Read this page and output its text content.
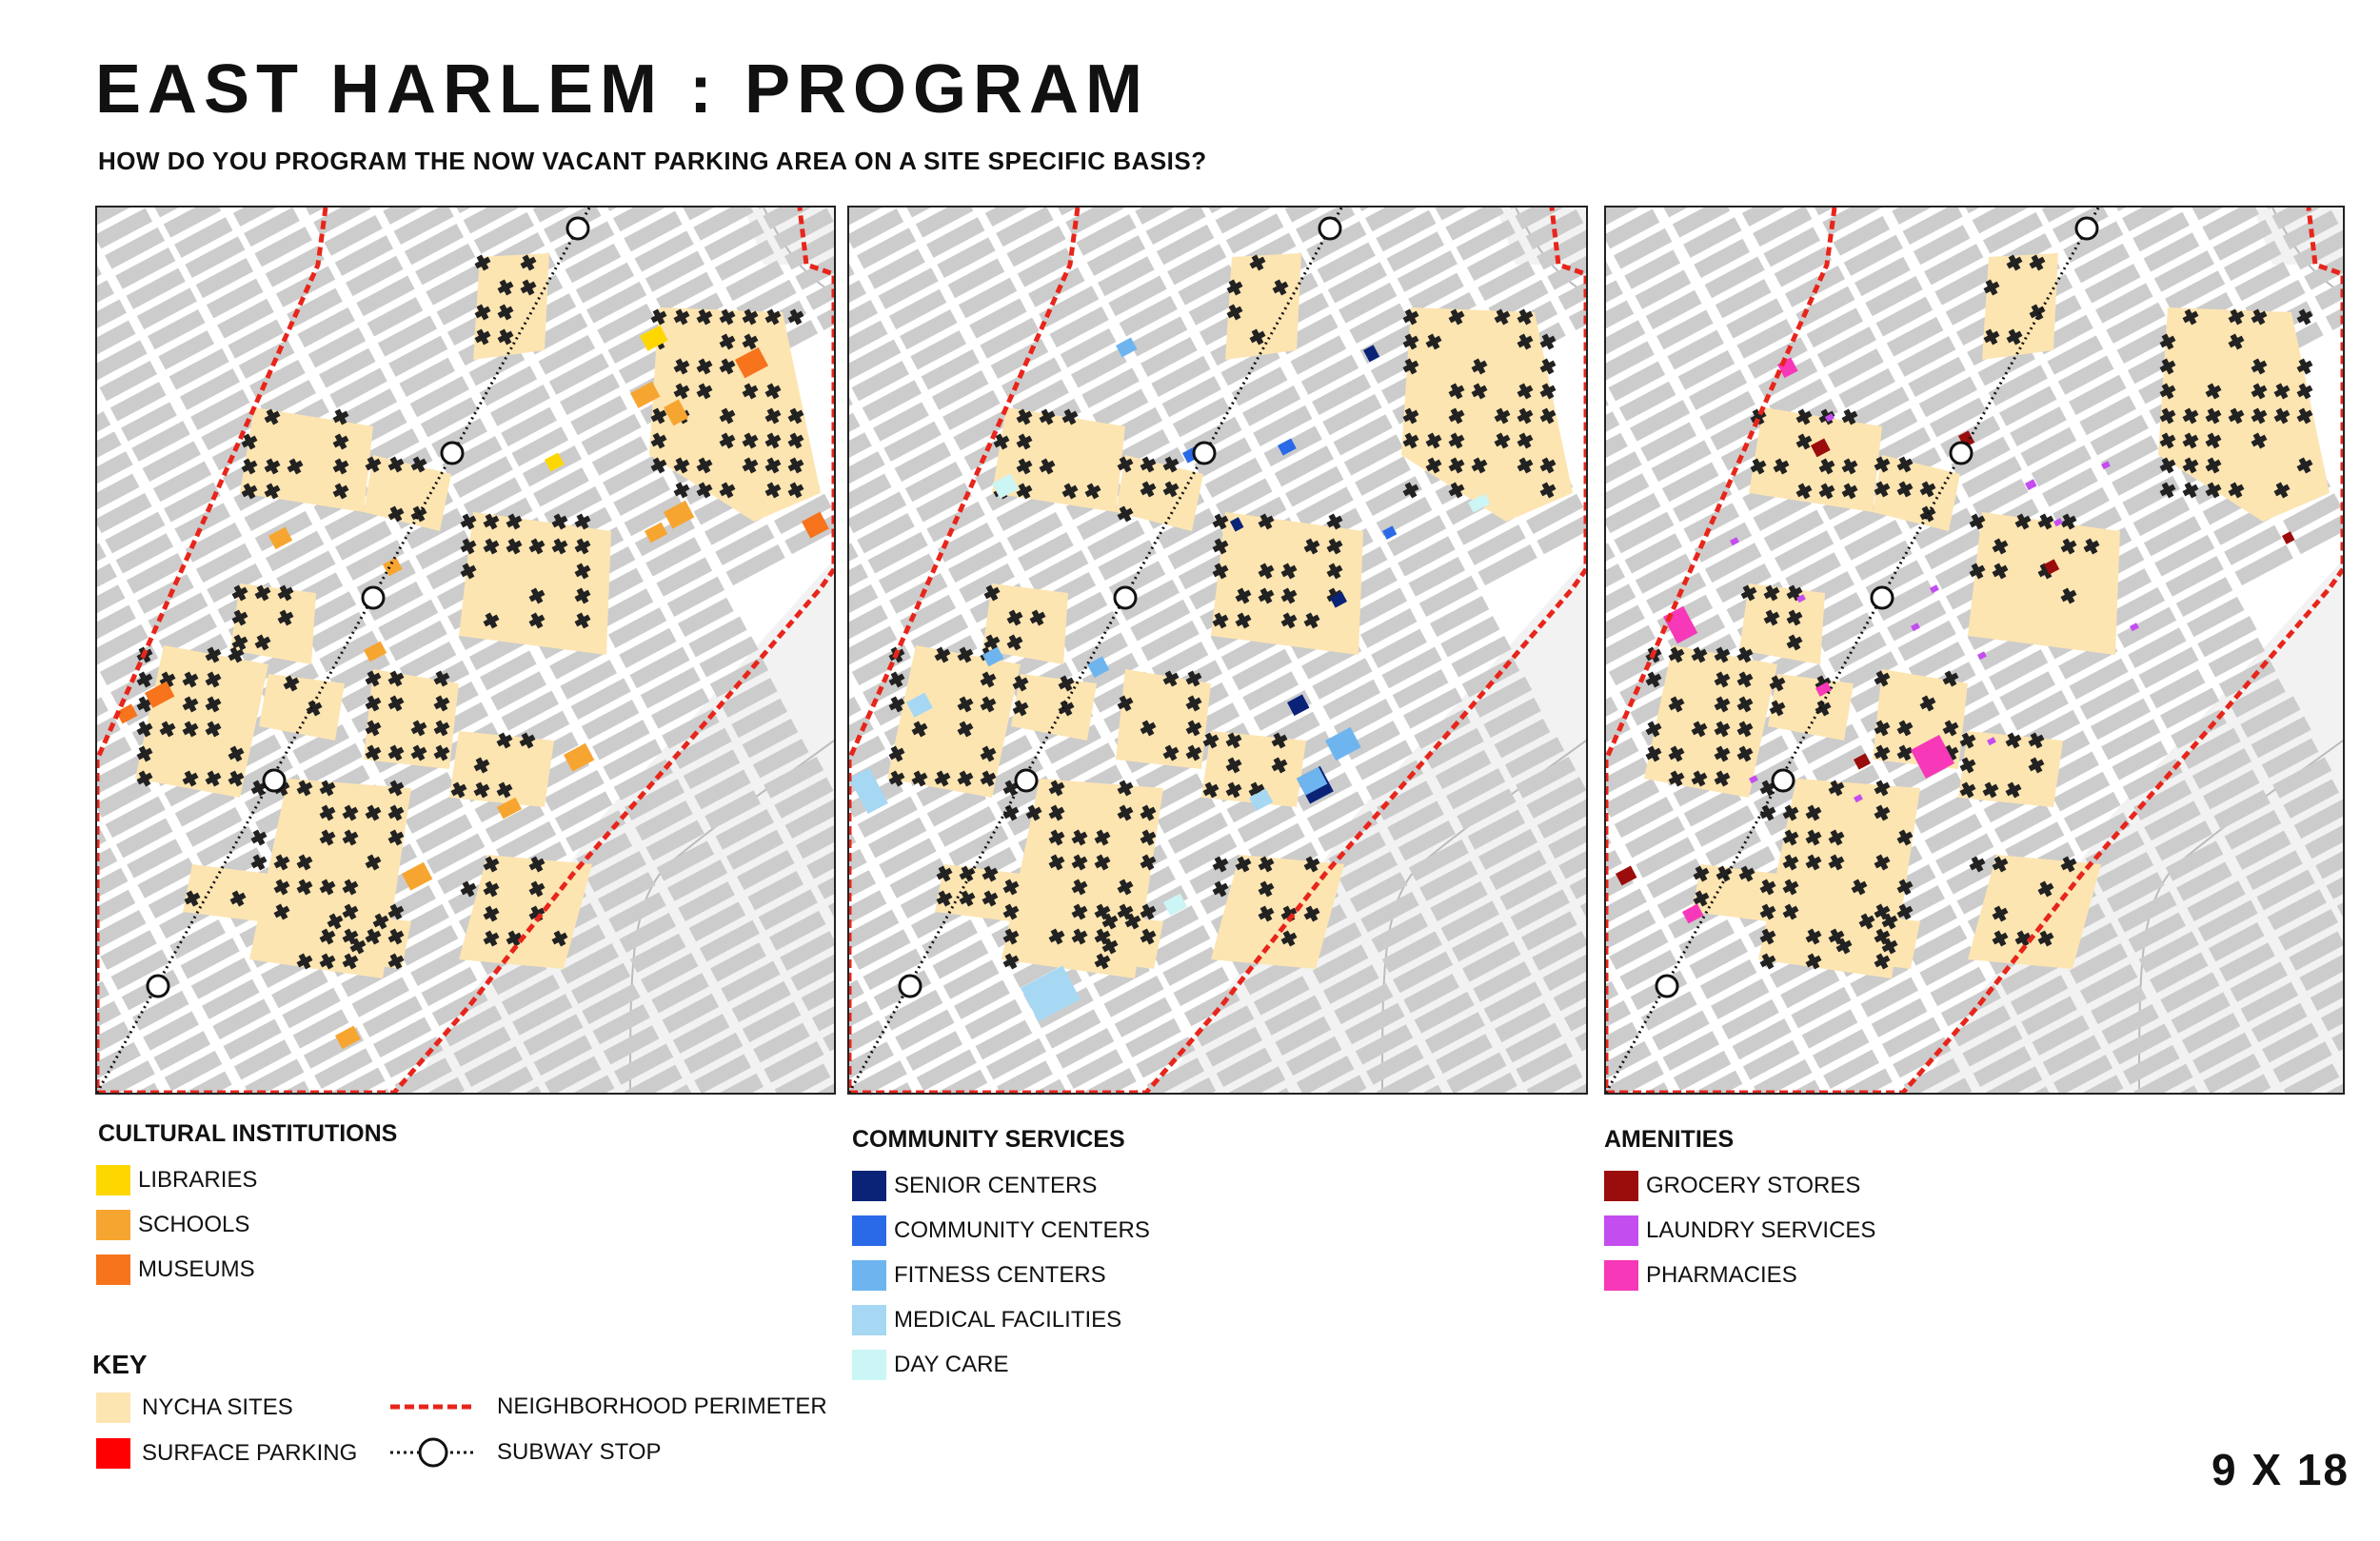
EAST HARLEM : PROGRAM

HOW DO YOU PROGRAM THE NOW VACANT PARKING AREA ON A SITE SPECIFIC BASIS?

CULTURAL INSTITUTIONS

LIBRARIES
SCHOOLS
MUSEUMS

COMMUNITY SERVICES

SENIOR CENTERS
COMMUNITY CENTERS
FITNESS CENTERS
MEDICAL FACILITIES
DAY CARE

AMENITIES

GROCERY STORES
LAUNDRY SERVICES
PHARMACIES

KEY

NYCHA SITES
SURFACE PARKING
NEIGHBORHOOD PERIMETER
SUBWAY STOP	9 X 18
